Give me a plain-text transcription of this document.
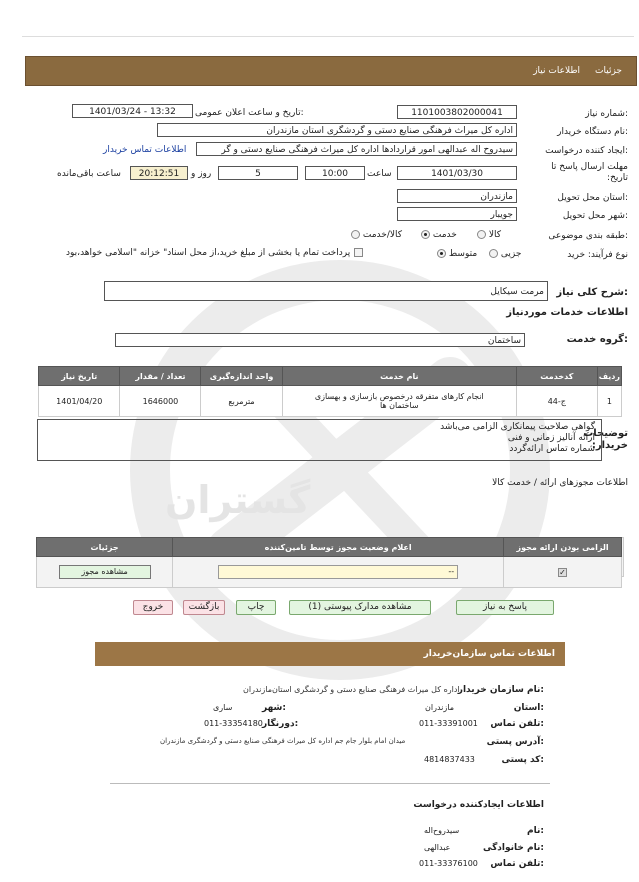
گستران
جزئیات
اطلاعات نیاز
شماره نیاز:
1101003802000041
تاریخ و ساعت اعلان عمومی:
1401/03/24 - 13:32
نام دستگاه خریدار:
اداره کل میراث فرهنگی صنایع دستی و گردشگری استان مازندران
ایجاد کننده درخواست:
سیدروح اله عبدالهی امور قراردادها اداره کل میراث فرهنگی صنایع دستی و گر
اطلاعات تماس خریدار
مهلت ارسال پاسخ تا تاریخ:
1401/03/30
ساعت
10:00
5
روز و
20:12:51
ساعت باقی‌مانده
استان محل تحویل:
مازندران
شهر محل تحویل:
جویبار
طبقه بندی موضوعی:
کالا
خدمت
کالا/خدمت
نوع فرآیند: خرید
جزیی
متوسط
پرداخت تمام یا بخشی از مبلغ خرید،از محل اسناد" خزانه "اسلامی خواهد،بود
شرح کلی نیاز:
مرمت سیکایل
اطلاعات خدمات موردنیاز
گروه خدمت:
ساختمان
ردیف	کدخدمت	نام خدمت	واحد اندازه‌گیری	تعداد / مقدار	تاریخ نیاز
1	ج-44	انجام کارهای متفرقه درخصوص بازسازی و بهسازی ساختمان ها	مترمربع	1646000	1401/04/20
توضیحات خریدار:
گواهی صلاحیت پیمانکاری الزامی می‌باشد
ارائه آنالیز زمانی و فنی
شماره تماس ارائه‌گردد
اطلاعات مجوزهای ارائه / خدمت کالا
الزامی بودن ارائه مجوز	اعلام وضعیت مجوز توسط تامین‌کننده	جزئیات
✓	--	مشاهده مجوز
پاسخ به نیاز
مشاهده مدارک پیوستی (1)
چاپ
بازگشت
خروج
اطلاعات تماس سازمان‌خریدار
نام سازمان خریدار:
اداره کل میراث فرهنگی صنایع دستی و گردشگری استان‌مازندران
استان:
مازندران
شهر:
ساری
تلفن تماس:
011-33391001
دورنگار:
011-33354180
آدرس پستی:
میدان امام بلوار جام جم اداره کل میراث فرهنگی صنایع دستی و گردشگری مازندران
کد پستی:
4814837433
اطلاعات ایجادکننده درخواست
نام:
سیدروح‌اله
نام خانوادگی:
عبدالهی
تلفن تماس:
011-33376100
